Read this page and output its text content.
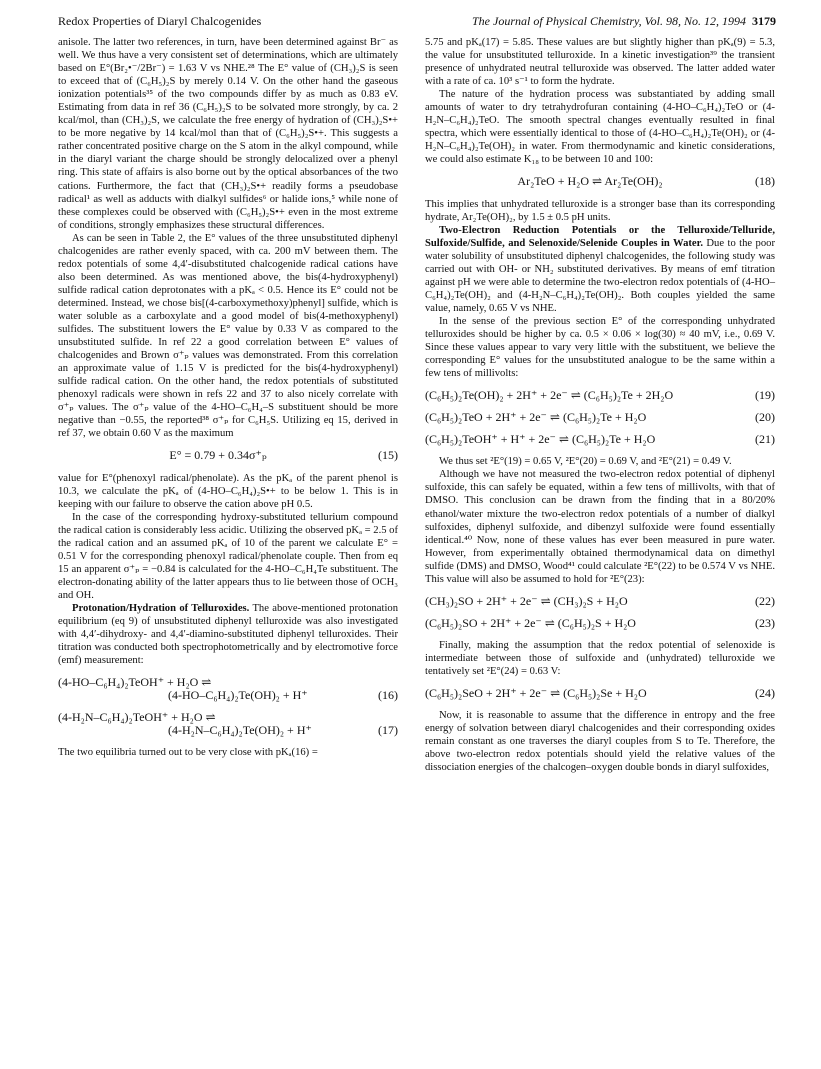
Redox Properties of Diaryl Chalcogenides	The Journal of Physical Chemistry, Vol. 98, No. 12, 1994 3179

anisole. The latter two references, in turn, have been determined against Br⁻ as well. We thus have a very consistent set of determinations, which are ultimately based on E°(Br₂•⁻/2Br⁻) = 1.63 V vs NHE.²⁸ The E° value of (CH₃)₂S is seen to exceed that of (C₆H₅)₂S by merely 0.14 V. On the other hand the gaseous ionization potentials³⁵ of the two compounds differ by as much as 0.83 eV. Estimating from data in ref 36 (C₆H₅)₂S to be solvated more strongly, by ca. 2 kcal/mol, than (CH₃)₂S, we calculate the free energy of hydration of (CH₃)₂S•+ to be more negative by 14 kcal/mol than that of (C₆H₅)₂S•+. This suggests a rather concentrated positive charge on the S atom in the alkyl compound, while in the diaryl variant the charge should be strongly delocalized over a phenyl ring. This state of affairs is also borne out by the optical absorbances of the two cations. Furthermore, the fact that (CH₃)₂S•+ readily forms a pseudobase radical¹ as well as adducts with dialkyl sulfides⁶ or halide ions,⁵ while none of these complexes could be observed with (C₆H₅)₂S•+ even in the most extreme of conditions, strongly emphasizes these structural differences.

As can be seen in Table 2, the E° values of the three unsubstituted diphenyl chalcogenides are rather evenly spaced, with ca. 200 mV between them. The redox potentials of some 4,4′-disubstituted chalcogenide radical cations have also been determined. As was mentioned above, the bis(4-hydroxyphenyl) sulfide radical cation deprotonates with a pKₐ < 0.5. Hence its E° could not be determined. Instead, we chose bis[(4-carboxymethoxy)phenyl] sulfide, which is water soluble as a carboxylate and a good model of bis(4-methoxyphenyl) sulfides. The substituent lowers the E° value by 0.33 V as compared to the unsubstituted sulfide. In ref 22 a good correlation between E° values of chalcogenides and Brown σ⁺ₚ values was demonstrated. From this correlation an approximate value of 1.15 V is predicted for the bis(4-hydroxyphenyl) sulfide radical cation. On the other hand, the redox potentials of substituted phenoxyl radicals were shown in refs 22 and 37 to also nicely correlate with σ⁺ₚ values. The σ⁺ₚ value of the 4-HO–C₆H₄–S substituent should be more negative than −0.55, the reported³⁸ σ⁺ₚ for C₆H₅S. Utilizing eq 15, derived in ref 37, we obtain 0.60 V as the maximum

E° = 0.79 + 0.34σ⁺ₚ	(15)

value for E°(phenoxyl radical/phenolate). As the pKₐ of the parent phenol is 10.3, we calculate the pKₐ of (4-HO–C₆H₄)₂S•+ to be below 1. This is in keeping with our failure to observe the cation above pH 0.5.

In the case of the corresponding hydroxy-substituted tellurium compound the radical cation is considerably less acidic. Utilizing the observed pKₐ = 2.5 of the radical cation and an assumed pKₐ of 10 of the parent we calculate E° = 0.51 V for the corresponding phenoxyl radical/phenolate couple. Then from eq 15 an apparent σ⁺ₚ = −0.84 is calculated for the 4-HO–C₆H₄Te substituent. The electron-donating ability of the latter appears thus to lie between those of OCH₃ and OH.

Protonation/Hydration of Telluroxides. The above-mentioned protonation equilibrium (eq 9) of unsubstituted diphenyl telluroxide was also investigated with 4,4′-dihydroxy- and 4,4′-diamino-substituted diphenyl telluroxides. Their titration was conducted both spectrophotometrically and by electromotive force (emf) measurement:

(4-HO–C₆H₄)₂TeOH⁺ + H₂O ⇌
(4-HO–C₆H₄)₂Te(OH)₂ + H⁺	(16)
(4-H₂N–C₆H₄)₂TeOH⁺ + H₂O ⇌
(4-H₂N–C₆H₄)₂Te(OH)₂ + H⁺	(17)

The two equilibria turned out to be very close with pKₐ(16) =

5.75 and pKₐ(17) = 5.85. These values are but slightly higher than pKₐ(9) = 5.3, the value for unsubstituted telluroxide. In a kinetic investigation³⁹ the transient presence of unhydrated neutral telluroxide was observed. The latter added water with a rate of ca. 10³ s⁻¹ to form the hydrate.

The nature of the hydration process was substantiated by adding small amounts of water to dry tetrahydrofuran containing (4-HO–C₆H₄)₂TeO or (4-H₂N–C₆H₄)₂TeO. The smooth spectral changes eventually resulted in final spectra, which were essentially identical to those of (4-HO–C₆H₄)₂Te(OH)₂ or (4-H₂N–C₆H₄)₂Te(OH)₂ in water. From thermodynamic and kinetic considerations, we could also estimate K₁₈ to be between 10 and 100:

Ar₂TeO + H₂O ⇌ Ar₂Te(OH)₂	(18)

This implies that unhydrated telluroxide is a stronger base than its corresponding hydrate, Ar₂Te(OH)₂, by 1.5 ± 0.5 pH units.

Two-Electron Reduction Potentials or the Telluroxide/Telluride, Sulfoxide/Sulfide, and Selenoxide/Selenide Couples in Water. Due to the poor water solubility of unsubstituted diphenyl chalcogenides, the following study was carried out with OH- or NH₂ substituted derivatives. By means of emf titration against pH we were able to determine the two-electron redox potentials of (4-HO–C₆H₄)₂Te(OH)₂ and (4-H₂N–C₆H₄)₂Te(OH)₂. Both couples yielded the same value, namely, 0.65 V vs NHE.

In the sense of the previous section E° of the corresponding unhydrated telluroxides should be higher by ca. 0.5 × 0.06 × log(30) ≈ 40 mV, i.e., 0.69 V. Since these values appear to vary very little with the substituent, we believe the corresponding E° values for the unsubstituted analogue to be the same within a few tens of millivolts:

(C₆H₅)₂Te(OH)₂ + 2H⁺ + 2e⁻ ⇌ (C₆H₅)₂Te + 2H₂O	(19)
(C₆H₅)₂TeO + 2H⁺ + 2e⁻ ⇌ (C₆H₅)₂Te + H₂O	(20)
(C₆H₅)₂TeOH⁺ + H⁺ + 2e⁻ ⇌ (C₆H₅)₂Te + H₂O	(21)

We thus set ²E°(19) = 0.65 V, ²E°(20) = 0.69 V, and ²E°(21) = 0.49 V.

Although we have not measured the two-electron redox potential of diphenyl sulfoxide, this can safely be equated, within a few tens of millivolts, with that of DMSO. This conclusion can be drawn from the finding that in a 80/20% ethanol/water mixture the two-electron redox potentials of a number of dialkyl sulfoxides, diphenyl sulfoxide, and dibenzyl sulfoxide were found essentially identical.⁴⁰ Now, none of these values has ever been measured in pure water. However, from experimentally obtained thermodynamical data on dimethyl sulfide (DMS) and DMSO, Wood⁴¹ could calculate ²E°(22) to be 0.574 V vs NHE. This value will also be assumed to hold for ²E°(23):

(CH₃)₂SO + 2H⁺ + 2e⁻ ⇌ (CH₃)₂S + H₂O	(22)
(C₆H₅)₂SO + 2H⁺ + 2e⁻ ⇌ (C₆H₅)₂S + H₂O	(23)

Finally, making the assumption that the redox potential of selenoxide is intermediate between those of sulfoxide and (unhydrated) telluroxide we tentatively set ²E°(24) = 0.63 V:

(C₆H₅)₂SeO + 2H⁺ + 2e⁻ ⇌ (C₆H₅)₂Se + H₂O	(24)

Now, it is reasonable to assume that the difference in entropy and the free energy of solvation between diaryl chalcogenides and their corresponding oxides remain constant as one traverses the diaryl couples from S to Te. Therefore, the above two-electron redox potentials should yield the relative values of the dissociation energies of the chalcogen–oxygen double bonds in diaryl sulfoxides,
